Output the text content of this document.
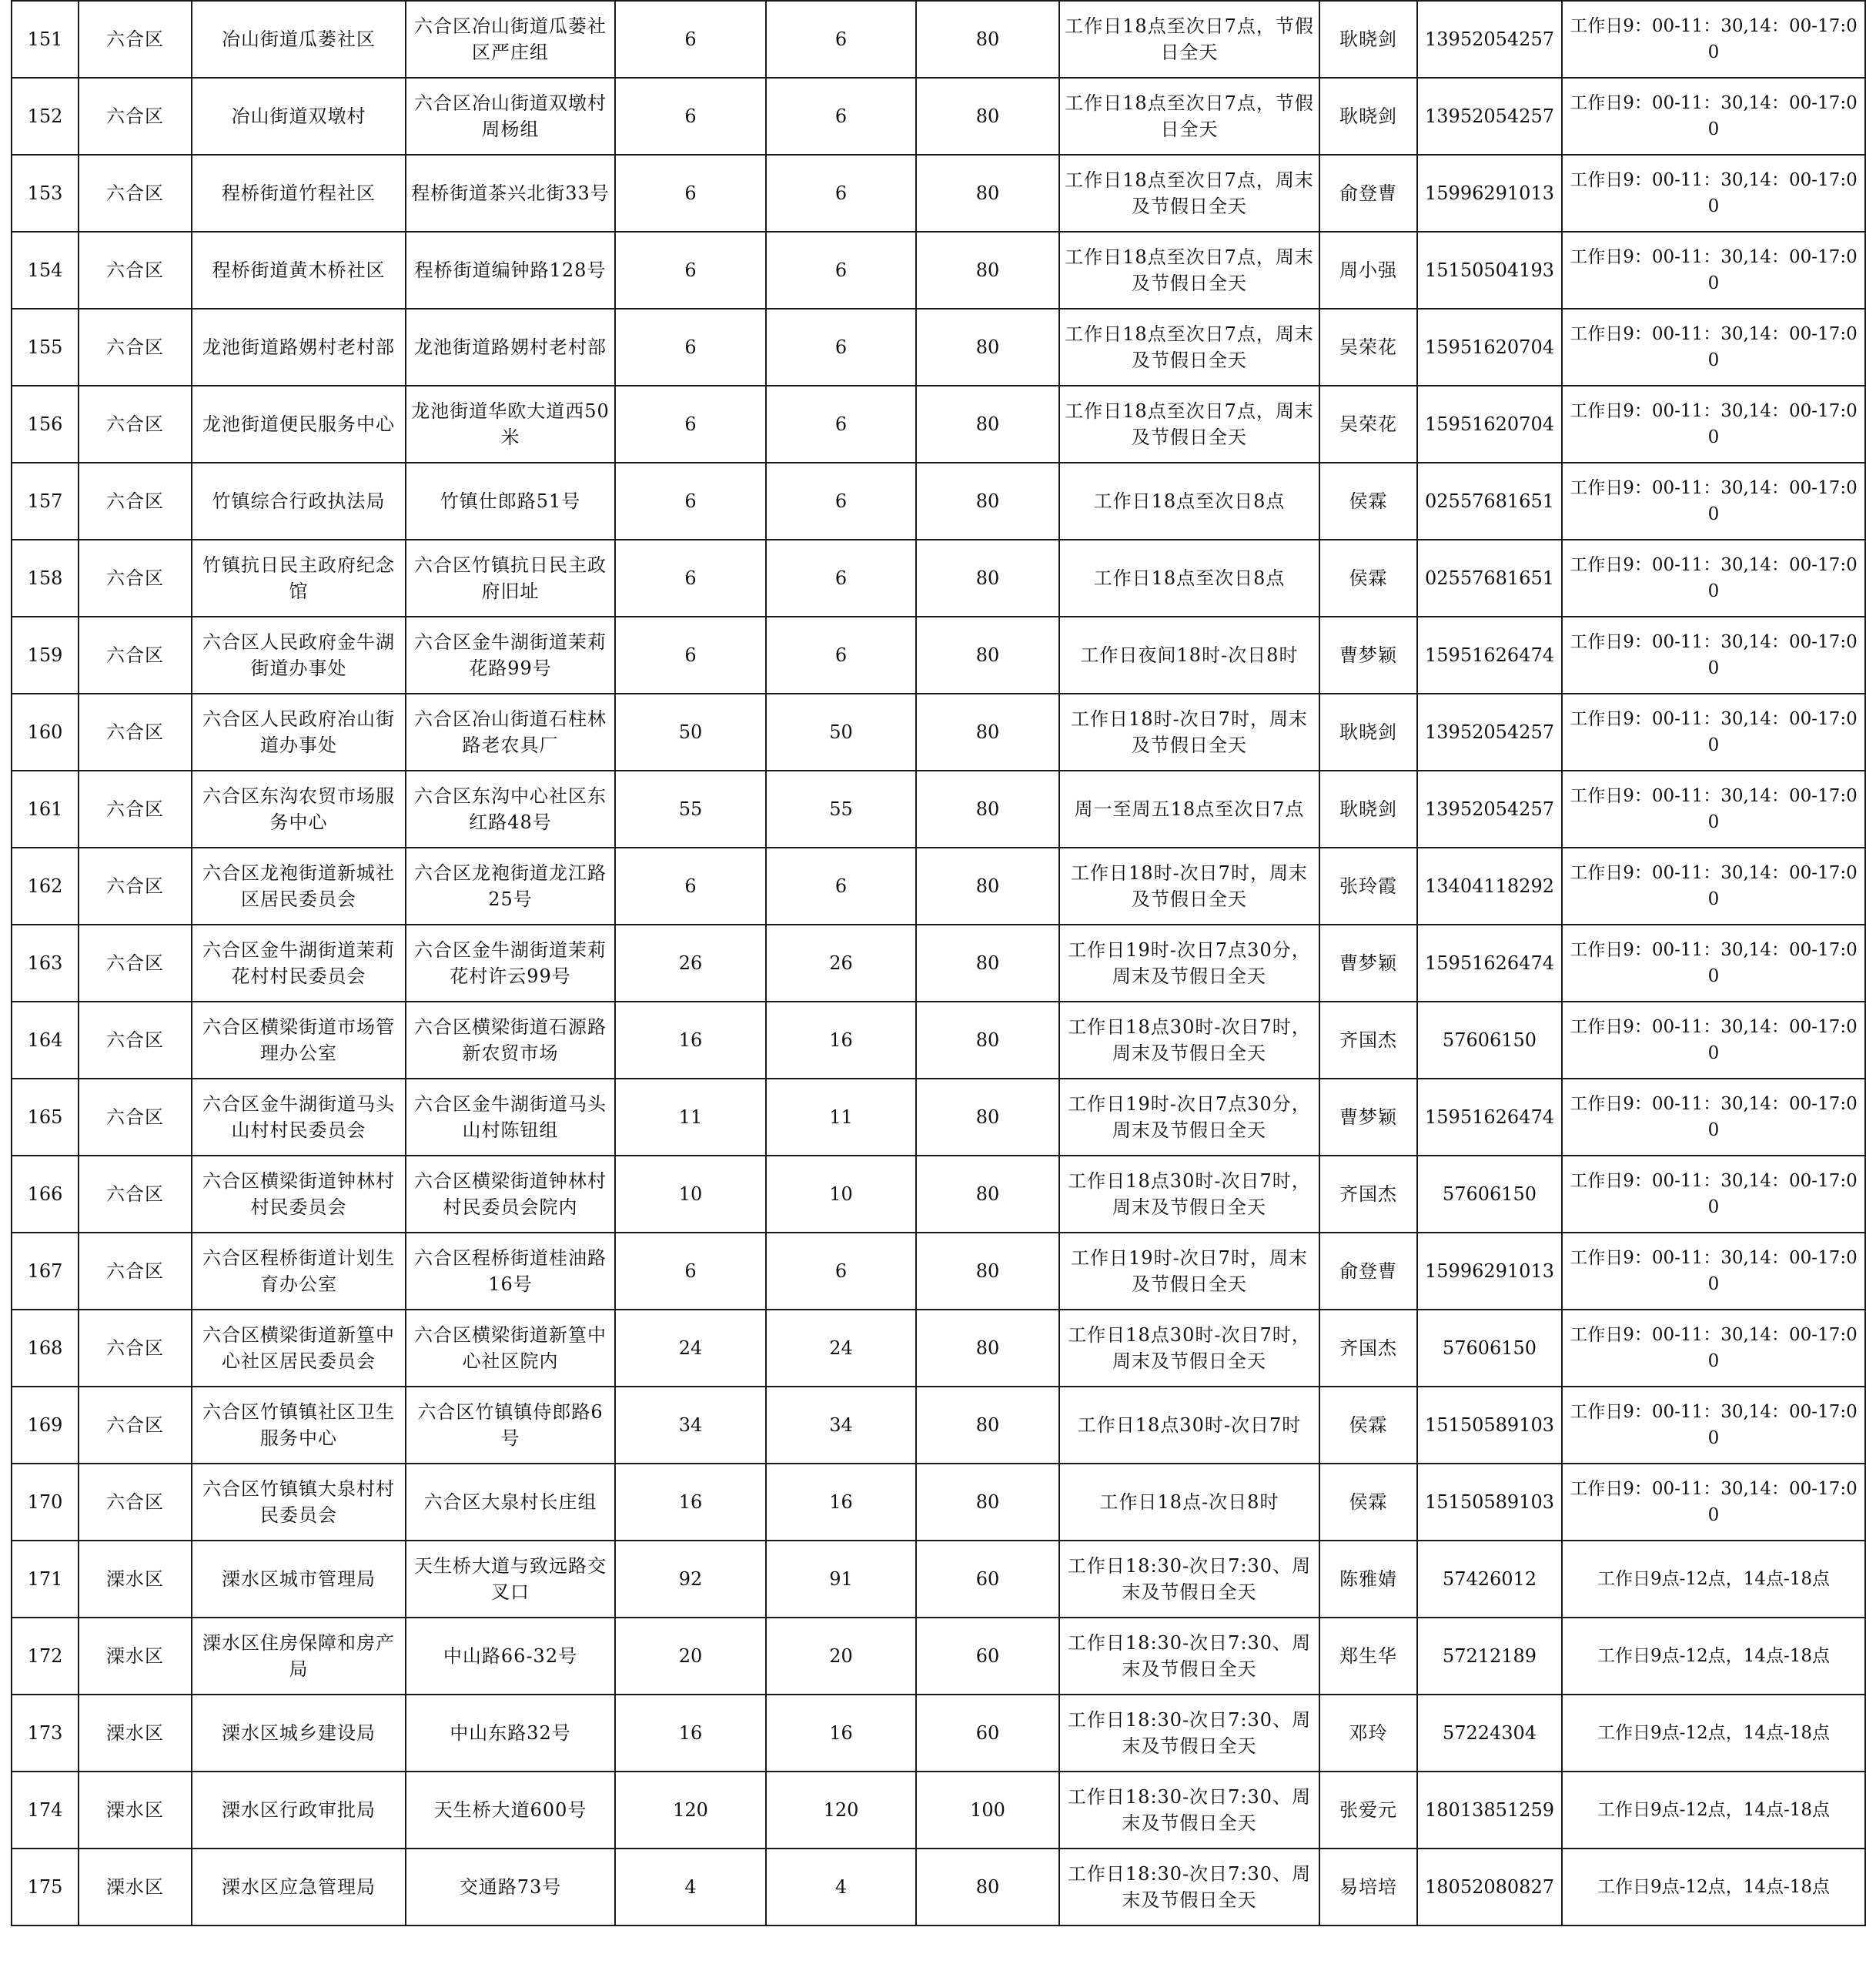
151	六合区	冶山街道瓜蒌社区	六合区冶山街道瓜蒌社区严庄组	6	6	80	工作日18点至次日7点，节假日全天	耿晓剑	13952054257	工作日9：00-11：30,14：00-17:00
152	六合区	冶山街道双墩村	六合区冶山街道双墩村周杨组	6	6	80	工作日18点至次日7点，节假日全天	耿晓剑	13952054257	工作日9：00-11：30,14：00-17:00
153	六合区	程桥街道竹程社区	程桥街道茶兴北街33号	6	6	80	工作日18点至次日7点，周末及节假日全天	俞登曹	15996291013	工作日9：00-11：30,14：00-17:00
154	六合区	程桥街道黄木桥社区	程桥街道编钟路128号	6	6	80	工作日18点至次日7点，周末及节假日全天	周小强	15150504193	工作日9：00-11：30,14：00-17:00
155	六合区	龙池街道路娚村老村部	龙池街道路娚村老村部	6	6	80	工作日18点至次日7点，周末及节假日全天	吴荣花	15951620704	工作日9：00-11：30,14：00-17:00
156	六合区	龙池街道便民服务中心	龙池街道华欧大道西50米	6	6	80	工作日18点至次日7点，周末及节假日全天	吴荣花	15951620704	工作日9：00-11：30,14：00-17:00
157	六合区	竹镇综合行政执法局	竹镇仕郎路51号	6	6	80	工作日18点至次日8点	侯霖	02557681651	工作日9：00-11：30,14：00-17:00
158	六合区	竹镇抗日民主政府纪念馆	六合区竹镇抗日民主政府旧址	6	6	80	工作日18点至次日8点	侯霖	02557681651	工作日9：00-11：30,14：00-17:00
159	六合区	六合区人民政府金牛湖街道办事处	六合区金牛湖街道茉莉花路99号	6	6	80	工作日夜间18时-次日8时	曹梦颖	15951626474	工作日9：00-11：30,14：00-17:00
160	六合区	六合区人民政府冶山街道办事处	六合区冶山街道石柱林路老农具厂	50	50	80	工作日18时-次日7时，周末及节假日全天	耿晓剑	13952054257	工作日9：00-11：30,14：00-17:00
161	六合区	六合区东沟农贸市场服务中心	六合区东沟中心社区东红路48号	55	55	80	周一至周五18点至次日7点	耿晓剑	13952054257	工作日9：00-11：30,14：00-17:00
162	六合区	六合区龙袍街道新城社区居民委员会	六合区龙袍街道龙江路25号	6	6	80	工作日18时-次日7时，周末及节假日全天	张玲霞	13404118292	工作日9：00-11：30,14：00-17:00
163	六合区	六合区金牛湖街道茉莉花村村民委员会	六合区金牛湖街道茉莉花村许云99号	26	26	80	工作日19时-次日7点30分，周末及节假日全天	曹梦颖	15951626474	工作日9：00-11：30,14：00-17:00
164	六合区	六合区横梁街道市场管理办公室	六合区横梁街道石源路新农贸市场	16	16	80	工作日18点30时-次日7时，周末及节假日全天	齐国杰	57606150	工作日9：00-11：30,14：00-17:00
165	六合区	六合区金牛湖街道马头山村村民委员会	六合区金牛湖街道马头山村陈钮组	11	11	80	工作日19时-次日7点30分，周末及节假日全天	曹梦颖	15951626474	工作日9：00-11：30,14：00-17:00
166	六合区	六合区横梁街道钟林村村民委员会	六合区横梁街道钟林村村民委员会院内	10	10	80	工作日18点30时-次日7时，周末及节假日全天	齐国杰	57606150	工作日9：00-11：30,14：00-17:00
167	六合区	六合区程桥街道计划生育办公室	六合区程桥街道桂油路16号	6	6	80	工作日19时-次日7时，周末及节假日全天	俞登曹	15996291013	工作日9：00-11：30,14：00-17:00
168	六合区	六合区横梁街道新篁中心社区居民委员会	六合区横梁街道新篁中心社区院内	24	24	80	工作日18点30时-次日7时，周末及节假日全天	齐国杰	57606150	工作日9：00-11：30,14：00-17:00
169	六合区	六合区竹镇镇社区卫生服务中心	六合区竹镇镇侍郎路6号	34	34	80	工作日18点30时-次日7时	侯霖	15150589103	工作日9：00-11：30,14：00-17:00
170	六合区	六合区竹镇镇大泉村村民委员会	六合区大泉村长庄组	16	16	80	工作日18点-次日8时	侯霖	15150589103	工作日9：00-11：30,14：00-17:00
171	溧水区	溧水区城市管理局	天生桥大道与致远路交叉口	92	91	60	工作日18:30-次日7:30、周末及节假日全天	陈雅婧	57426012	工作日9点-12点，14点-18点
172	溧水区	溧水区住房保障和房产局	中山路66-32号	20	20	60	工作日18:30-次日7:30、周末及节假日全天	郑生华	57212189	工作日9点-12点，14点-18点
173	溧水区	溧水区城乡建设局	中山东路32号	16	16	60	工作日18:30-次日7:30、周末及节假日全天	邓玲	57224304	工作日9点-12点，14点-18点
174	溧水区	溧水区行政审批局	天生桥大道600号	120	120	100	工作日18:30-次日7:30、周末及节假日全天	张爱元	18013851259	工作日9点-12点，14点-18点
175	溧水区	溧水区应急管理局	交通路73号	4	4	80	工作日18:30-次日7:30、周末及节假日全天	易培培	18052080827	工作日9点-12点，14点-18点
